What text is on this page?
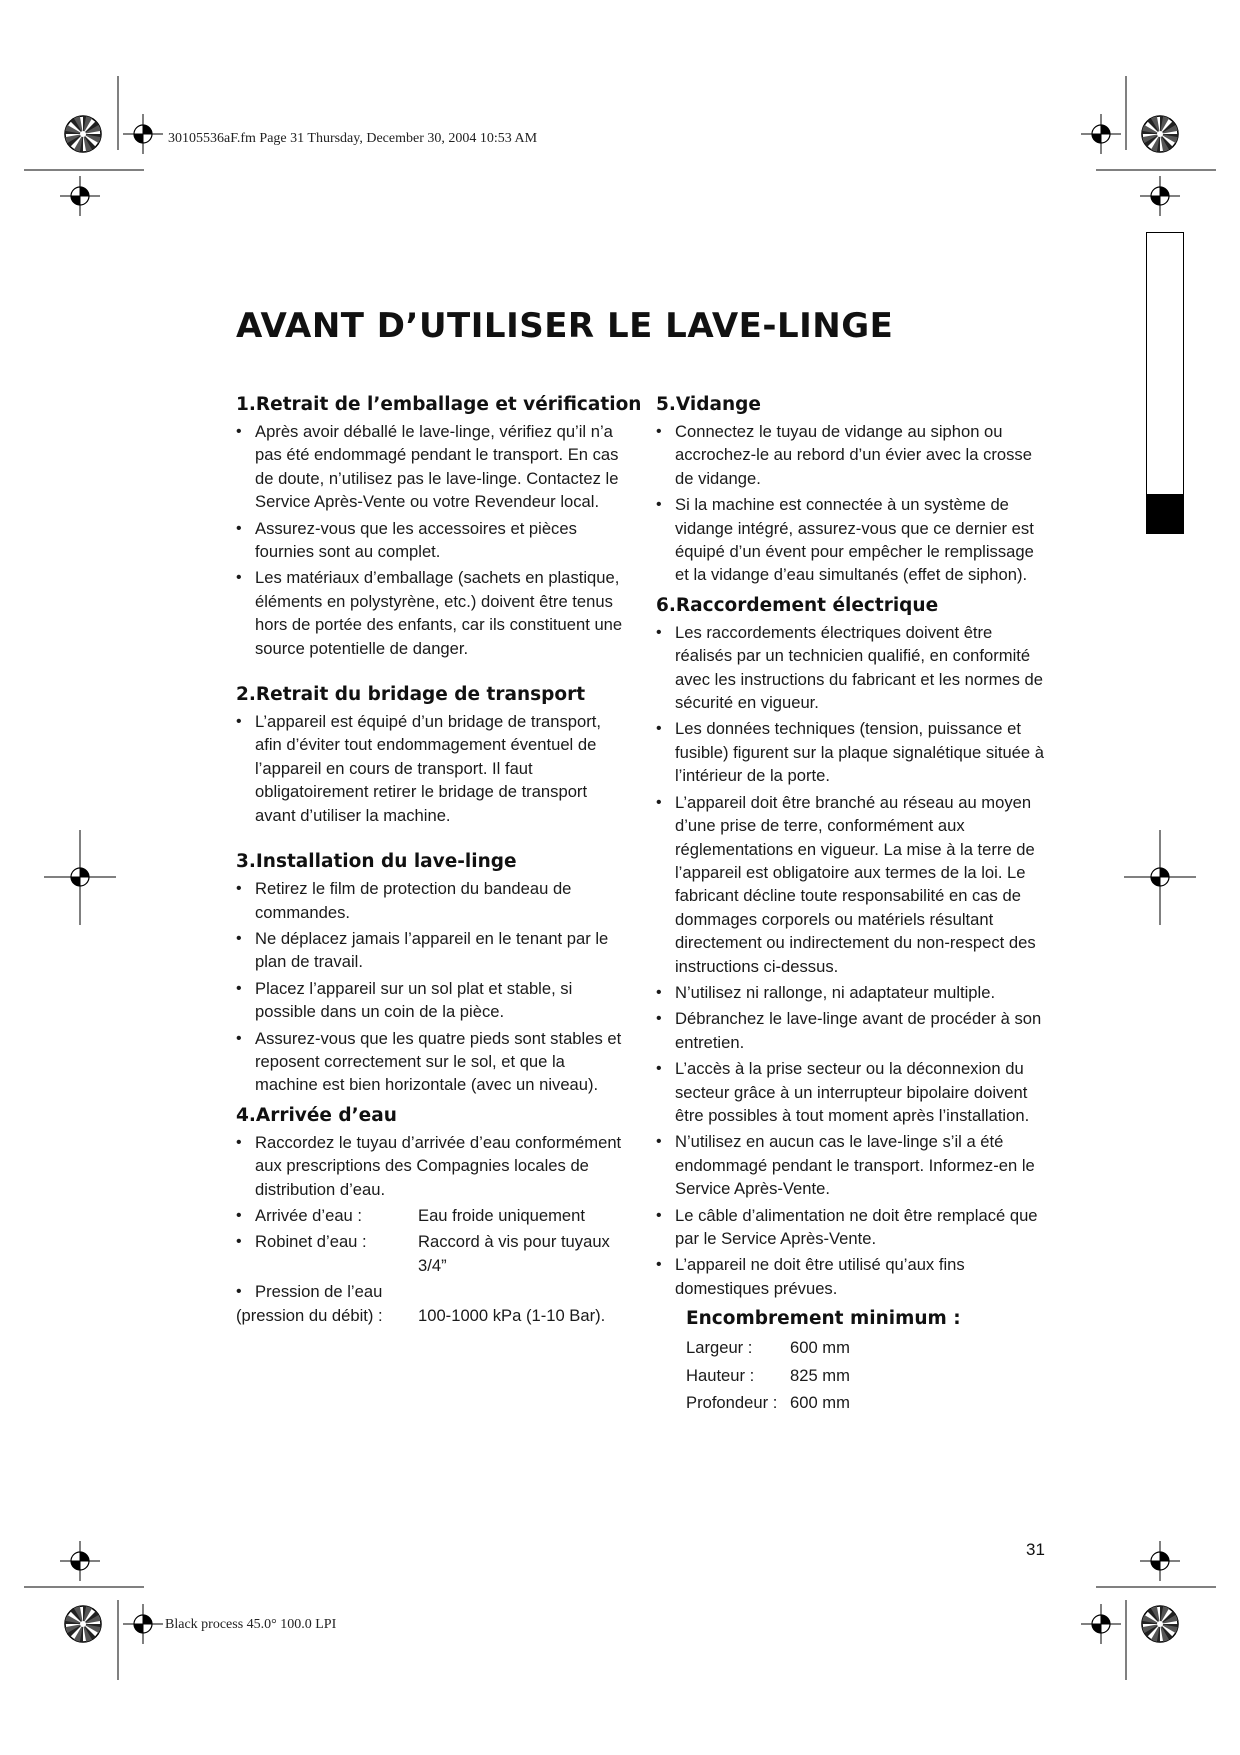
30105536aF.fm Page 31 Thursday, December 30, 2004 10:53 AM
Black process 45.0° 100.0 LPI
AVANT D’UTILISER LE LAVE-LINGE
1.Retrait de l’emballage et vérification
• Après avoir déballé le lave-linge, vérifiez qu’il n’a pas été endommagé pendant le transport. En cas de doute, n’utilisez pas le lave-linge. Contactez le Service Après-Vente ou votre Revendeur local.
• Assurez-vous que les accessoires et pièces fournies sont au complet.
• Les matériaux d’emballage (sachets en plastique, éléments en polystyrène, etc.) doivent être tenus hors de portée des enfants, car ils constituent une source potentielle de danger.
2.Retrait du bridage de transport
• L’appareil est équipé d’un bridage de transport, afin d’éviter tout endommagement éventuel de l’appareil en cours de transport. Il faut obligatoirement retirer le bridage de transport avant d’utiliser la machine.
3.Installation du lave-linge
• Retirez le film de protection du bandeau de commandes.
• Ne déplacez jamais l’appareil en le tenant par le plan de travail.
• Placez l’appareil sur un sol plat et stable, si possible dans un coin de la pièce.
• Assurez-vous que les quatre pieds sont stables et reposent correctement sur le sol, et que la machine est bien horizontale (avec un niveau).
4.Arrivée d’eau
• Raccordez le tuyau d’arrivée d’eau conformément aux prescriptions des Compagnies locales de distribution d’eau.
• Arrivée d’eau :	Eau froide uniquement
• Robinet d’eau :	Raccord à vis pour tuyaux 3/4”
• Pression de l’eau
(pression du débit) :	100-1000 kPa (1-10 Bar).
5.Vidange
• Connectez le tuyau de vidange au siphon ou accrochez-le au rebord d’un évier avec la crosse de vidange.
• Si la machine est connectée à un système de vidange intégré, assurez-vous que ce dernier est équipé d’un évent pour empêcher le remplissage et la vidange d’eau simultanés (effet de siphon).
6.Raccordement électrique
• Les raccordements électriques doivent être réalisés par un technicien qualifié, en conformité avec les instructions du fabricant et les normes de sécurité en vigueur.
• Les données techniques (tension, puissance et fusible) figurent sur la plaque signalétique située à l’intérieur de la porte.
• L’appareil doit être branché au réseau au moyen d’une prise de terre, conformément aux réglementations en vigueur. La mise à la terre de l’appareil est obligatoire aux termes de la loi. Le fabricant décline toute responsabilité en cas de dommages corporels ou matériels résultant directement ou indirectement du non-respect des instructions ci-dessus.
• N’utilisez ni rallonge, ni adaptateur multiple.
• Débranchez le lave-linge avant de procéder à son entretien.
• L’accès à la prise secteur ou la déconnexion du secteur grâce à un interrupteur bipolaire doivent être possibles à tout moment après l’installation.
• N’utilisez en aucun cas le lave-linge s’il a été endommagé pendant le transport. Informez-en le Service Après-Vente.
• Le câble d’alimentation ne doit être remplacé que par le Service Après-Vente.
• L’appareil ne doit être utilisé qu’aux fins domestiques prévues.
Encombrement minimum :
Largeur :	600 mm
Hauteur :	825 mm
Profondeur : 600 mm
31
